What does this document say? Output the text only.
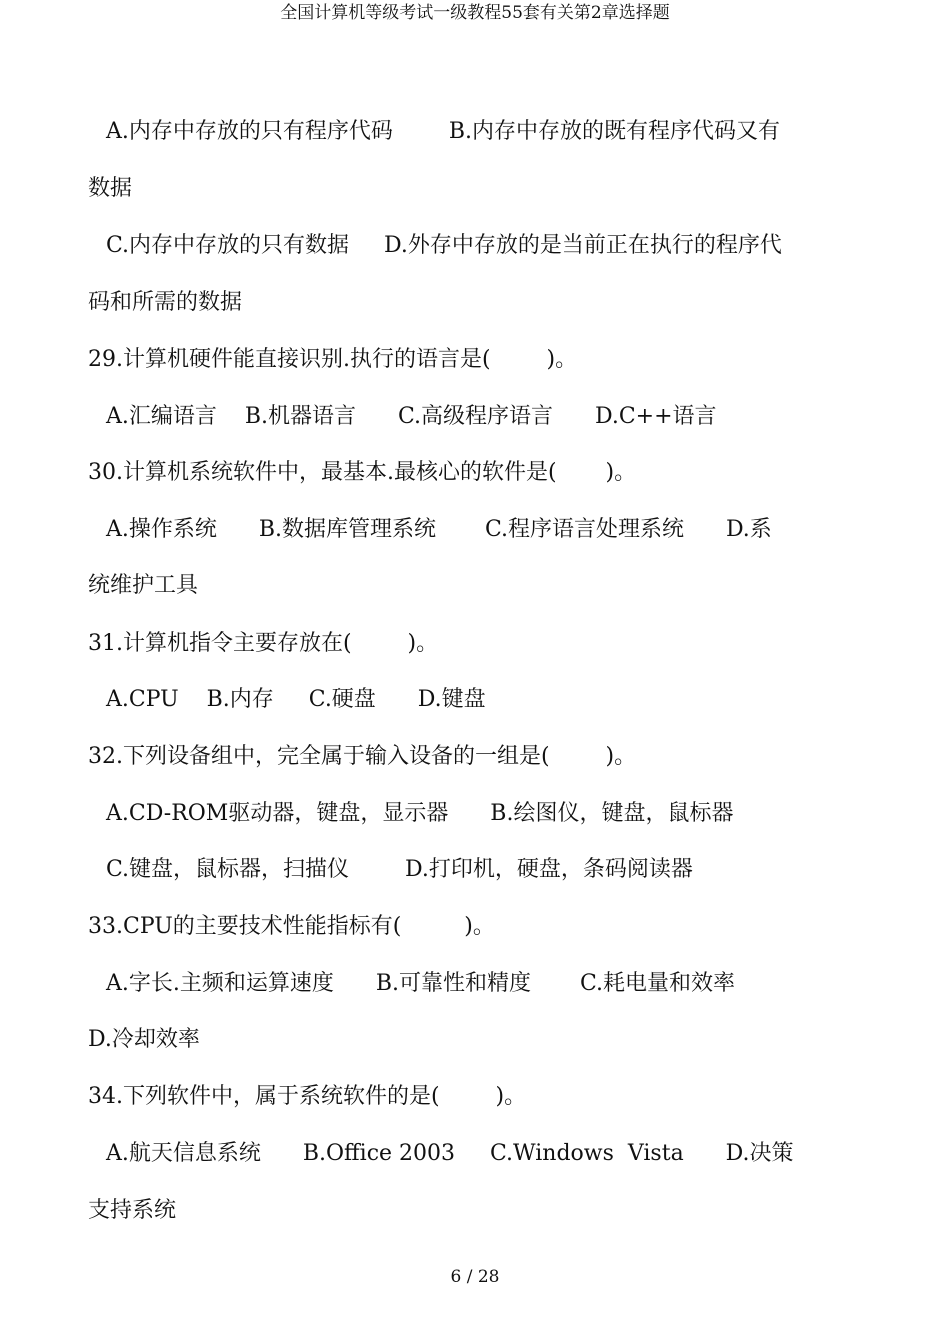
全国计算机等级考试一级教程55套有关第2章选择题
A.内存中存放的只有程序代码        B.内存中存放的既有程序代码又有
数据
C.内存中存放的只有数据     D.外存中存放的是当前正在执行的程序代
码和所需的数据
29.计算机硬件能直接识别.执行的语言是(        )。
A.汇编语言    B.机器语言      C.高级程序语言      D.C++语言
30.计算机系统软件中，最基本.最核心的软件是(       )。
A.操作系统      B.数据库管理系统       C.程序语言处理系统      D.系
统维护工具
31.计算机指令主要存放在(        )。
A.CPU    B.内存     C.硬盘      D.键盘
32.下列设备组中，完全属于输入设备的一组是(        )。
A.CD-ROM驱动器，键盘，显示器      B.绘图仪，键盘，鼠标器
C.键盘，鼠标器，扫描仪        D.打印机，硬盘，条码阅读器
33.CPU的主要技术性能指标有(         )。
A.字长.主频和运算速度      B.可靠性和精度       C.耗电量和效率
D.冷却效率
34.下列软件中，属于系统软件的是(        )。
A.航天信息系统      B.Office 2003     C.Windows  Vista      D.决策
支持系统
6 / 28
